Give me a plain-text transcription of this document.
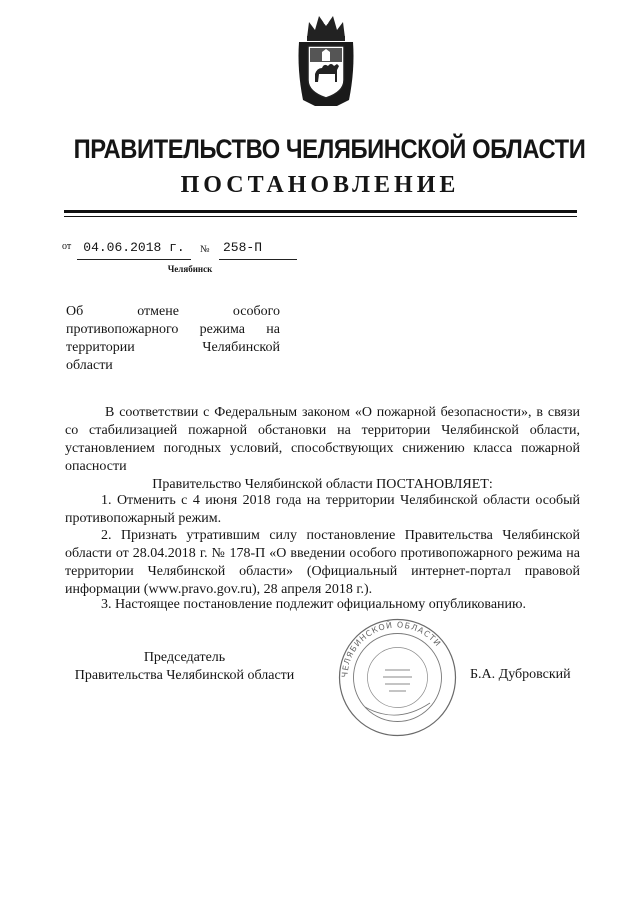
ПРАВИТЕЛЬСТВО ЧЕЛЯБИНСКОЙ ОБЛАСТИ
ПОСТАНОВЛЕНИЕ
от 04.06.2018 г.	№	258-П
Челябинск
Об отмене особого
противопожарного режима на
территории Челябинской
области
В соответствии с Федеральным законом «О пожарной безопасности», в связи со стабилизацией пожарной обстановки на территории Челябинской области, установлением погодных условий, способствующих снижению класса пожарной опасности
Правительство Челябинской области ПОСТАНОВЛЯЕТ:
1. Отменить с 4 июня 2018 года на территории Челябинской области особый противопожарный режим.
2. Признать утратившим силу постановление Правительства Челябинской области от 28.04.2018 г. № 178-П «О введении особого противопожарного режима на территории Челябинской области» (Официальный интернет-портал правовой информации (www.pravo.gov.ru), 28 апреля 2018 г.).
3. Настоящее постановление подлежит официальному опубликованию.
Председатель
Правительства Челябинской области	ЧЕЛЯБИНСКОЙ ОБЛАСТИ
Б.А. Дубровский
